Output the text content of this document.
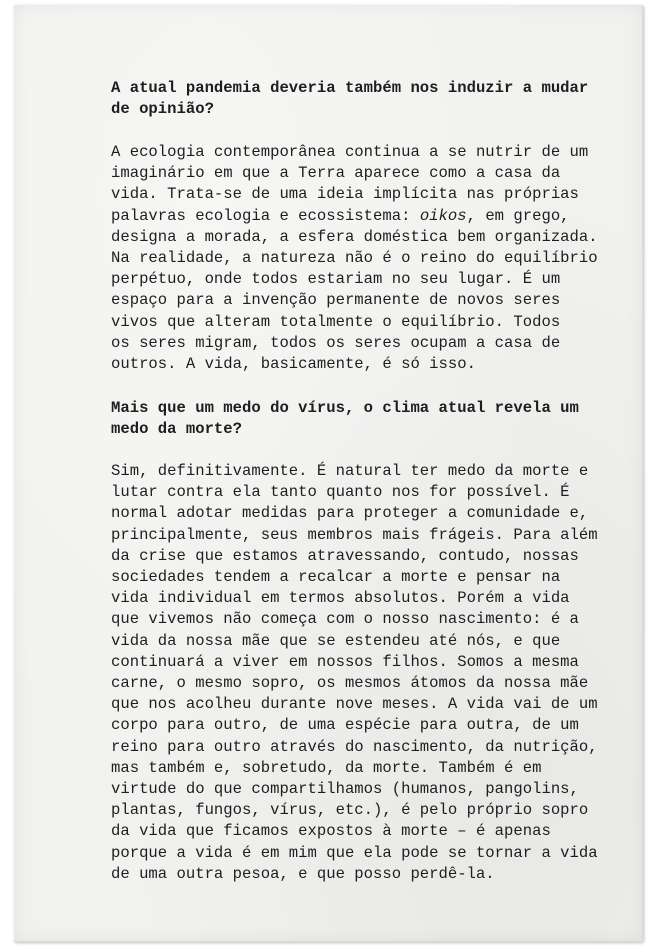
A atual pandemia deveria também nos induzir a mudar
de opinião?
A ecologia contemporânea continua a se nutrir de um
imaginário em que a Terra aparece como a casa da
vida. Trata-se de uma ideia implícita nas próprias
palavras ecologia e ecossistema: oikos, em grego,
designa a morada, a esfera doméstica bem organizada.
Na realidade, a natureza não é o reino do equilíbrio
perpétuo, onde todos estariam no seu lugar. É um
espaço para a invenção permanente de novos seres
vivos que alteram totalmente o equilíbrio. Todos
os seres migram, todos os seres ocupam a casa de
outros. A vida, basicamente, é só isso.
Mais que um medo do vírus, o clima atual revela um
medo da morte?
Sim, definitivamente. É natural ter medo da morte e
lutar contra ela tanto quanto nos for possível. É
normal adotar medidas para proteger a comunidade e,
principalmente, seus membros mais frágeis. Para além
da crise que estamos atravessando, contudo, nossas
sociedades tendem a recalcar a morte e pensar na
vida individual em termos absolutos. Porém a vida
que vivemos não começa com o nosso nascimento: é a
vida da nossa mãe que se estendeu até nós, e que
continuará a viver em nossos filhos. Somos a mesma
carne, o mesmo sopro, os mesmos átomos da nossa mãe
que nos acolheu durante nove meses. A vida vai de um
corpo para outro, de uma espécie para outra, de um
reino para outro através do nascimento, da nutrição,
mas também e, sobretudo, da morte. Também é em
virtude do que compartilhamos (humanos, pangolins,
plantas, fungos, vírus, etc.), é pelo próprio sopro
da vida que ficamos expostos à morte – é apenas
porque a vida é em mim que ela pode se tornar a vida
de uma outra pesoa, e que posso perdê-la.
